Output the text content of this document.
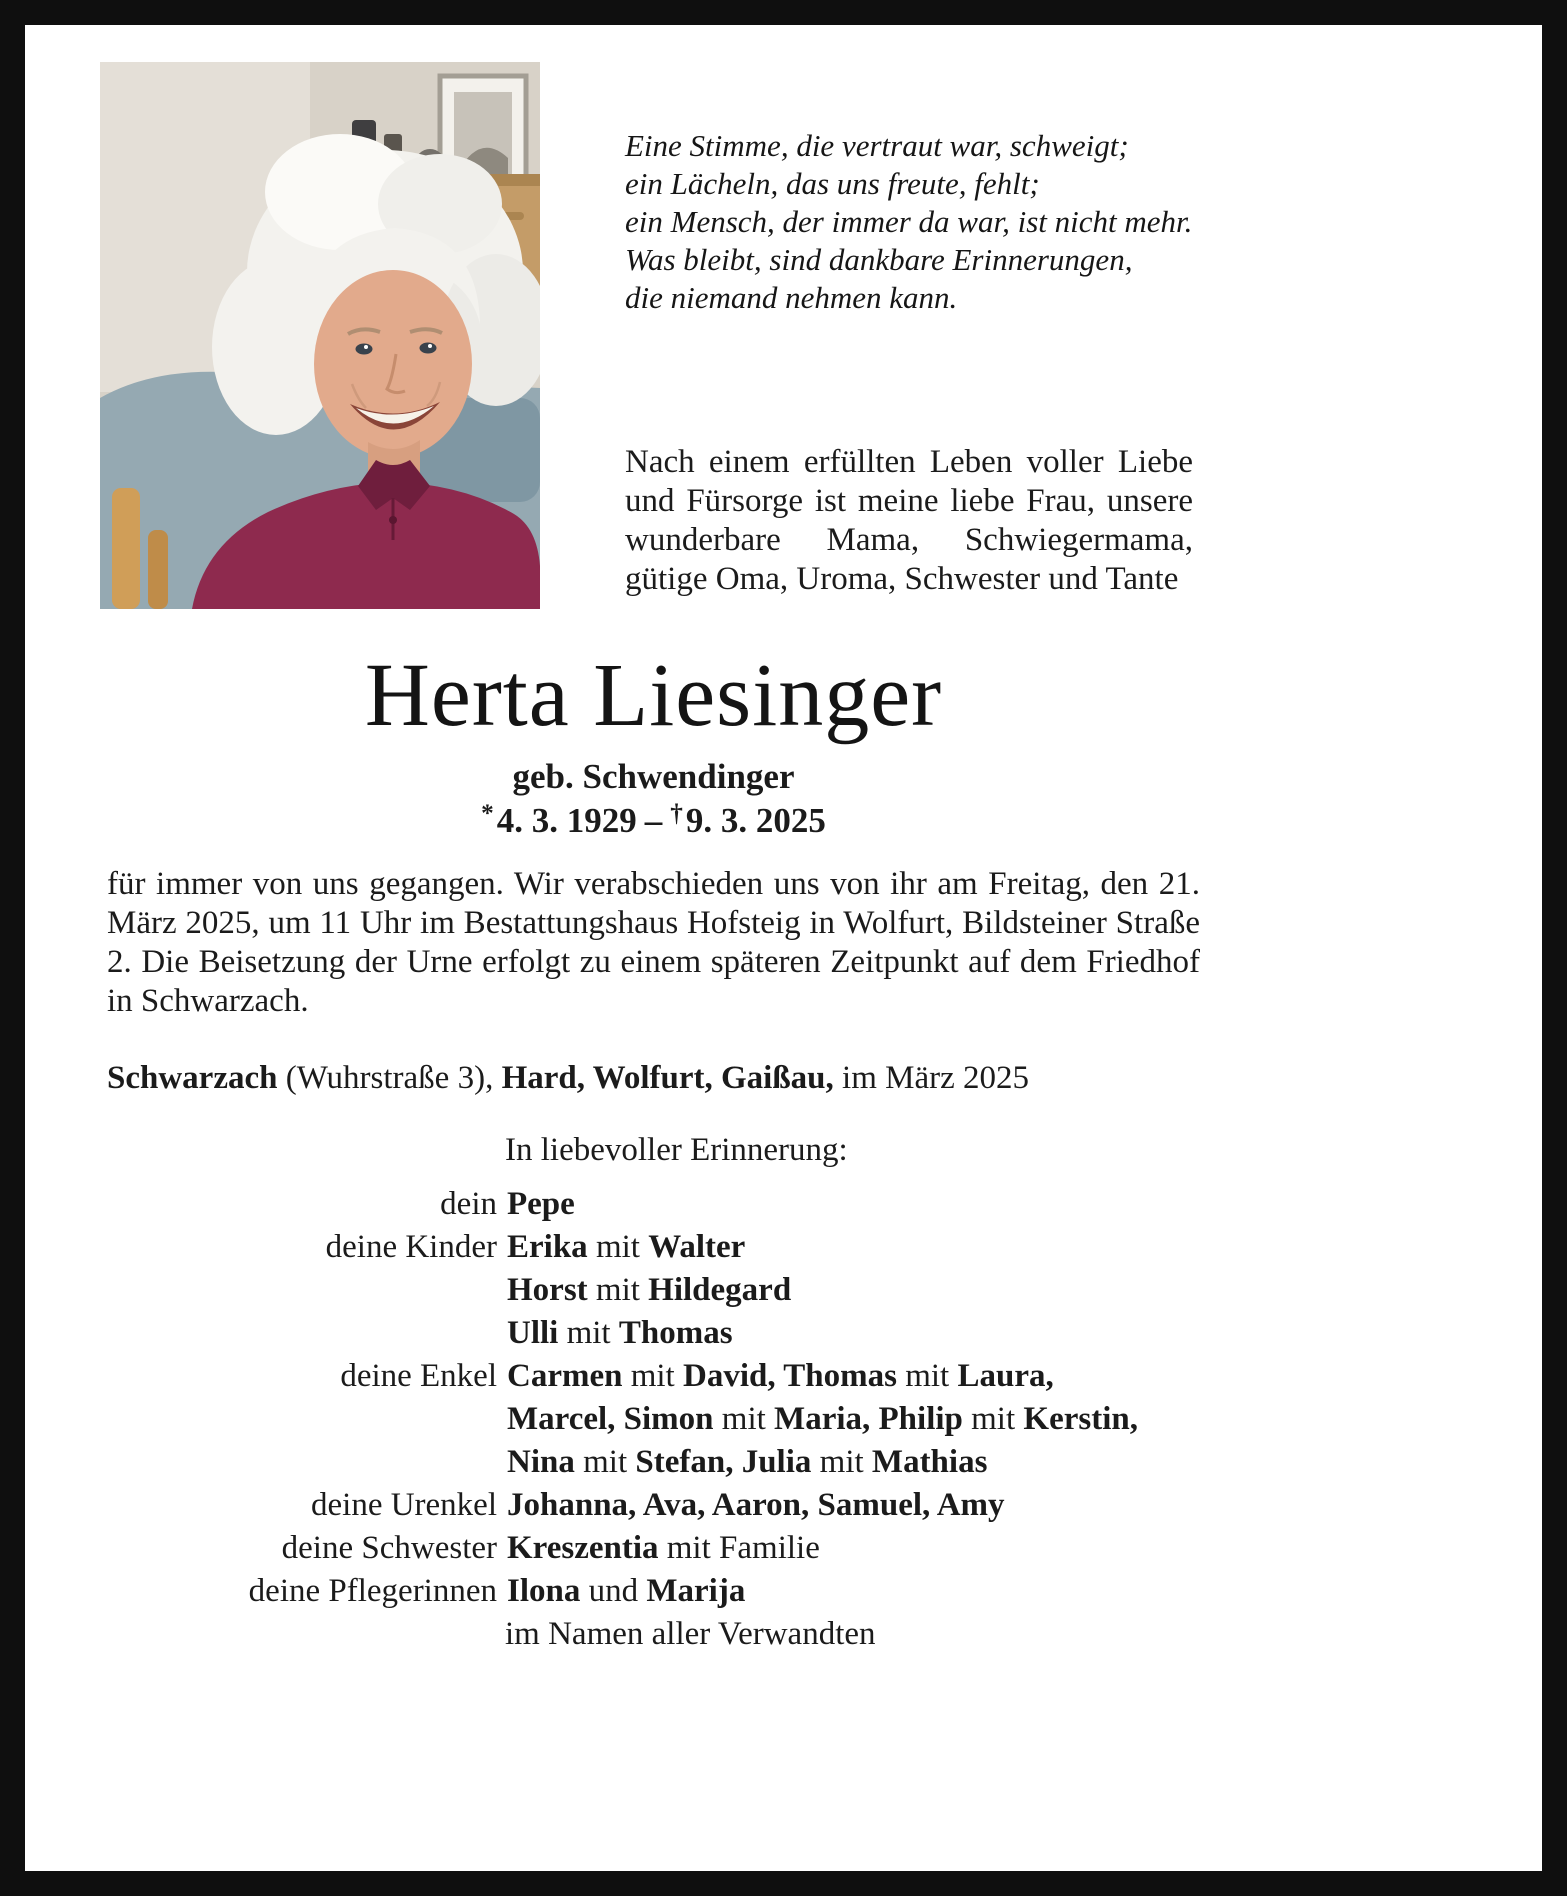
Eine Stimme, die vertraut war, schweigt;
ein Lächeln, das uns freute, fehlt;
ein Mensch, der immer da war, ist nicht mehr.
Was bleibt, sind dankbare Erinnerungen,
die niemand nehmen kann.
Nach einem erfüllten Leben voller Liebe und Fürsorge ist meine liebe Frau, unsere wunderbare Mama, Schwiegermama, gütige Oma, Uroma, Schwester und Tante
Herta Liesinger
geb. Schwendinger
*4. 3. 1929 – †9. 3. 2025

für immer von uns gegangen. Wir verabschieden uns von ihr am Freitag, den 21. März 2025, um 11 Uhr im Bestattungshaus Hofsteig in Wolfurt, Bildsteiner Straße 2. Die Beisetzung der Urne erfolgt zu einem späteren Zeitpunkt auf dem Friedhof in Schwarzach.

Schwarzach (Wuhrstraße 3), Hard, Wolfurt, Gaißau, im März 2025

In liebevoller Erinnerung:
dein Pepe
deine Kinder Erika mit Walter
Horst mit Hildegard
Ulli mit Thomas
deine Enkel Carmen mit David, Thomas mit Laura,
Marcel, Simon mit Maria, Philip mit Kerstin,
Nina mit Stefan, Julia mit Mathias
deine Urenkel Johanna, Ava, Aaron, Samuel, Amy
deine Schwester Kreszentia mit Familie
deine Pflegerinnen Ilona und Marija
im Namen aller Verwandten
